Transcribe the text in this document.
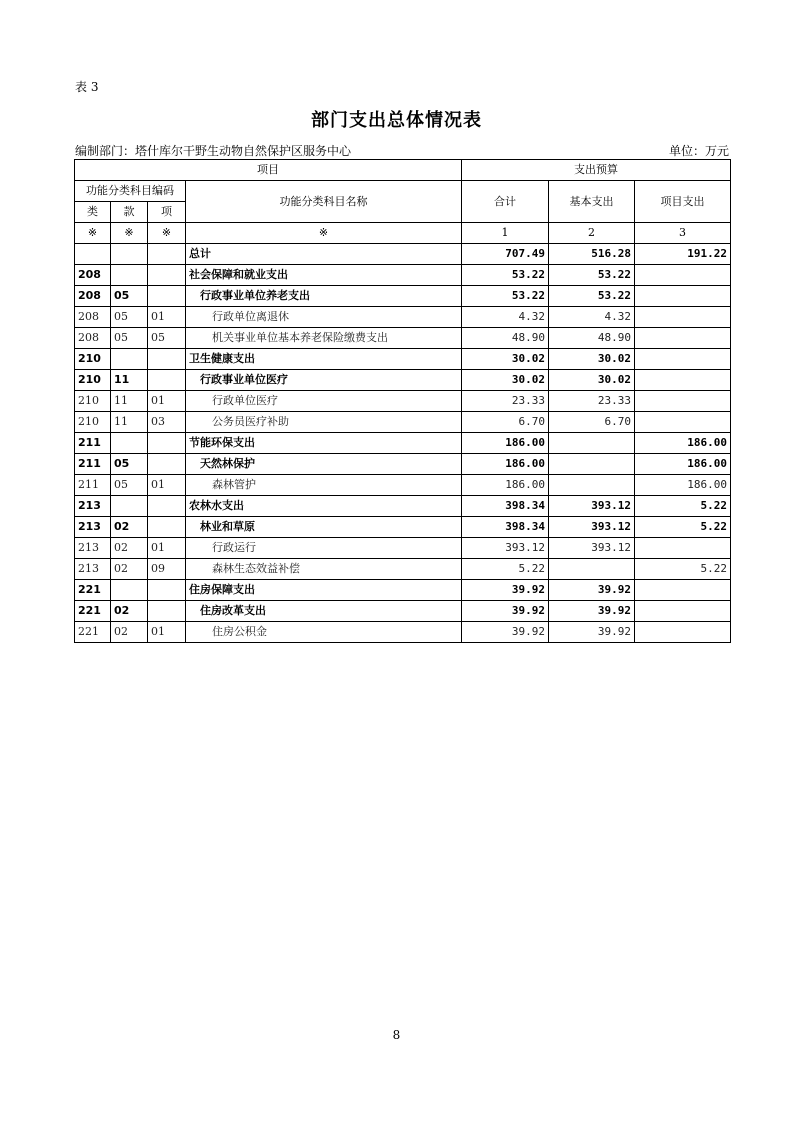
表 3
部门支出总体情况表
编制部门：塔什库尔干野生动物自然保护区服务中心	单位：万元
项目				支出预算		
功能分类科目编码			功能分类科目名称	合计	基本支出	项目支出
类	款	项				
※	※	※	※	1	2	3
			总计	707.49	516.28	191.22
208			社会保障和就业支出	53.22	53.22	
208	05		行政事业单位养老支出	53.22	53.22	
208	05	01	行政单位离退休	4.32	4.32	
208	05	05	机关事业单位基本养老保险缴费支出	48.90	48.90	
210			卫生健康支出	30.02	30.02	
210	11		行政事业单位医疗	30.02	30.02	
210	11	01	行政单位医疗	23.33	23.33	
210	11	03	公务员医疗补助	6.70	6.70	
211			节能环保支出	186.00		186.00
211	05		天然林保护	186.00		186.00
211	05	01	森林管护	186.00		186.00
213			农林水支出	398.34	393.12	5.22
213	02		林业和草原	398.34	393.12	5.22
213	02	01	行政运行	393.12	393.12	
213	02	09	森林生态效益补偿	5.22		5.22
221			住房保障支出	39.92	39.92	
221	02		住房改革支出	39.92	39.92	
221	02	01	住房公积金	39.92	39.92	
8
